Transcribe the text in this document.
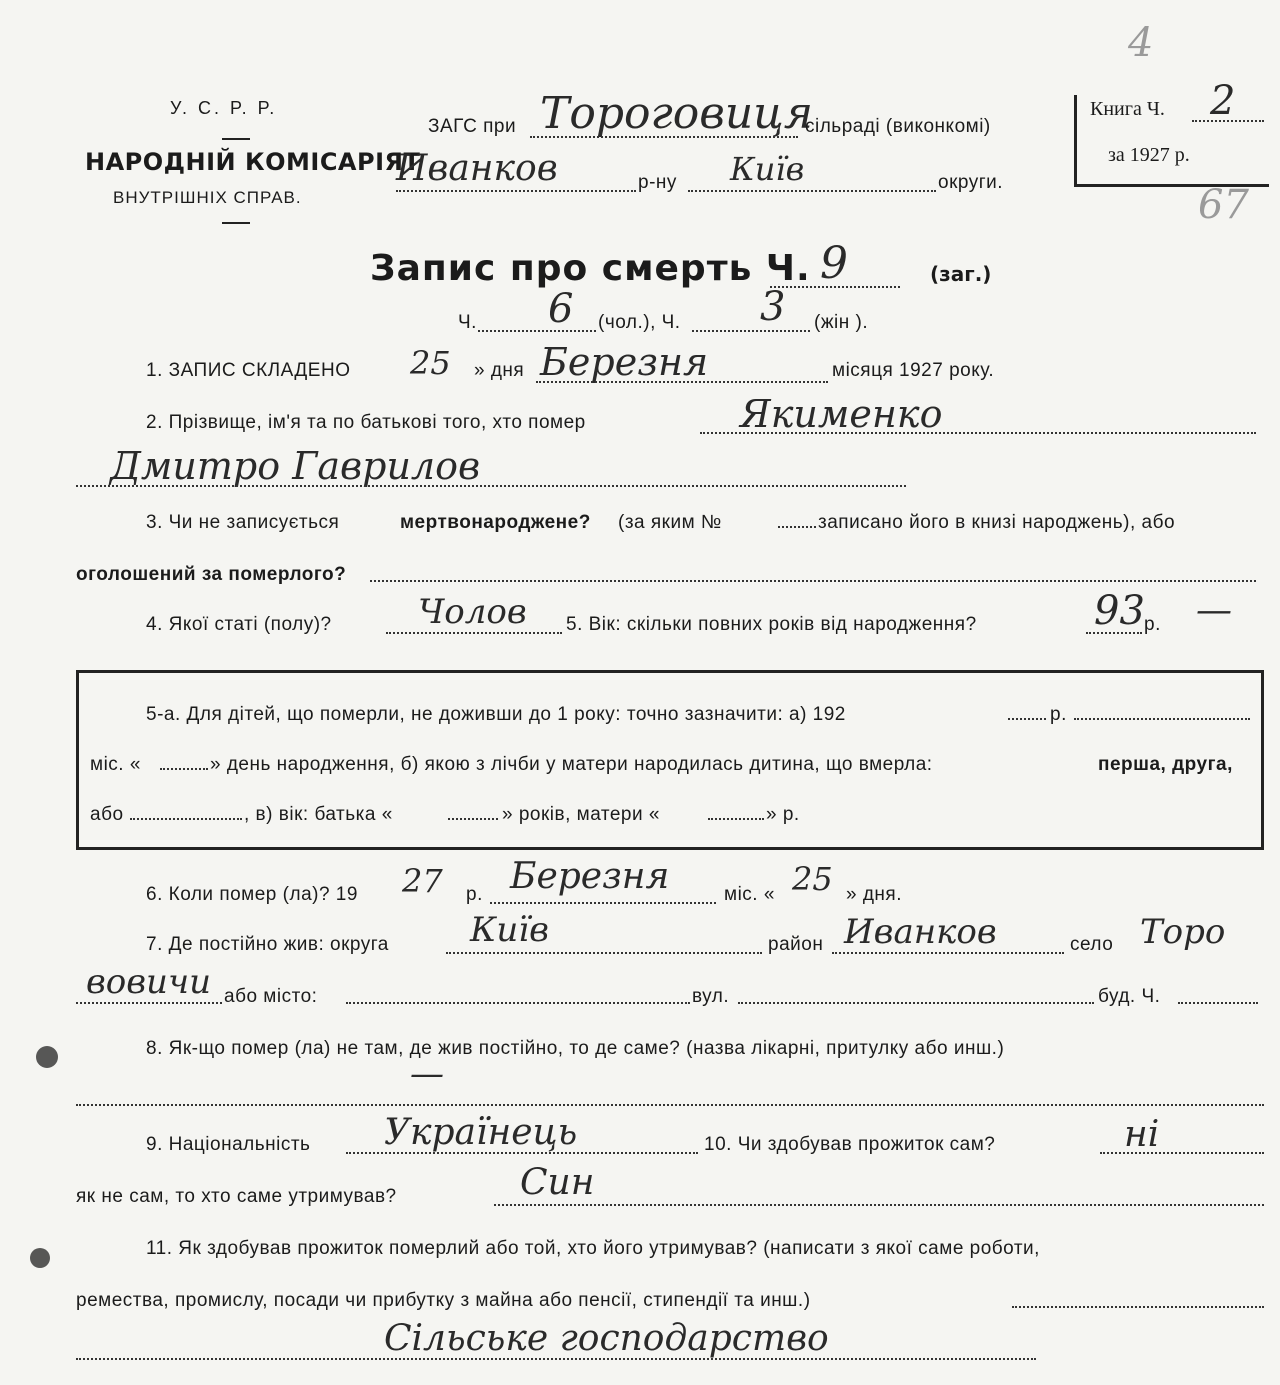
У. С. Р. Р.
НАРОДНІЙ КОМІСАРІЯТ
ВНУТРІШНІХ СПРАВ.
ЗАГС при Тороговиця
сільраді (виконкомі)
Иванков	р-ну Київ	округи.
Книга Ч. 2
за 1927 р.
4
67
Запис про смерть Ч. 9	(заг.)
Ч. 6 (чол.), Ч. 3 (жін ).
1. ЗАПИС СКЛАДЕНО 25 » дня Березня	місяця 1927 року.
2. Прізвище, ім'я та по батькові того, хто помер	Якименко
Дмитро Гаврилов
3. Чи не записується	мертвонароджене? (за яким №	записано його в книзі народжень), або
оголошений за померлого?
4. Якої статі (полу)?	Чолов 5. Вік: скільки повних років від народження?	93 р. —
5-а. Для дітей, що померли, не доживши до 1 року: точно зазначити: а) 192	р.
міс. «	» день народження, б) якою з лічби у матери народилась дитина, що вмерла:	перша, друга,
або	, в) вік: батька «	» років, матери «	» р.
6. Коли помер (ла)? 19 27 р. Березня	міс. « 25 » дня.
7. Де постійно жив: округа Київ	район Иванков	село Торо
вовичи або місто:	вул.	буд. Ч.
8. Як-що помер (ла) не там, де жив постійно, то де саме? (назва лікарні, притулку або инш.)
—
9. Національність Українець	10. Чи здобував прожиток сам?	ні
як не сам, то хто саме утримував?	Син
11. Як здобував прожиток померлий або той, хто його утримував? (написати з якої саме роботи,
ремества, промислу, посади чи прибутку з майна або пенсії, стипендії та инш.)
Сільське господарство
